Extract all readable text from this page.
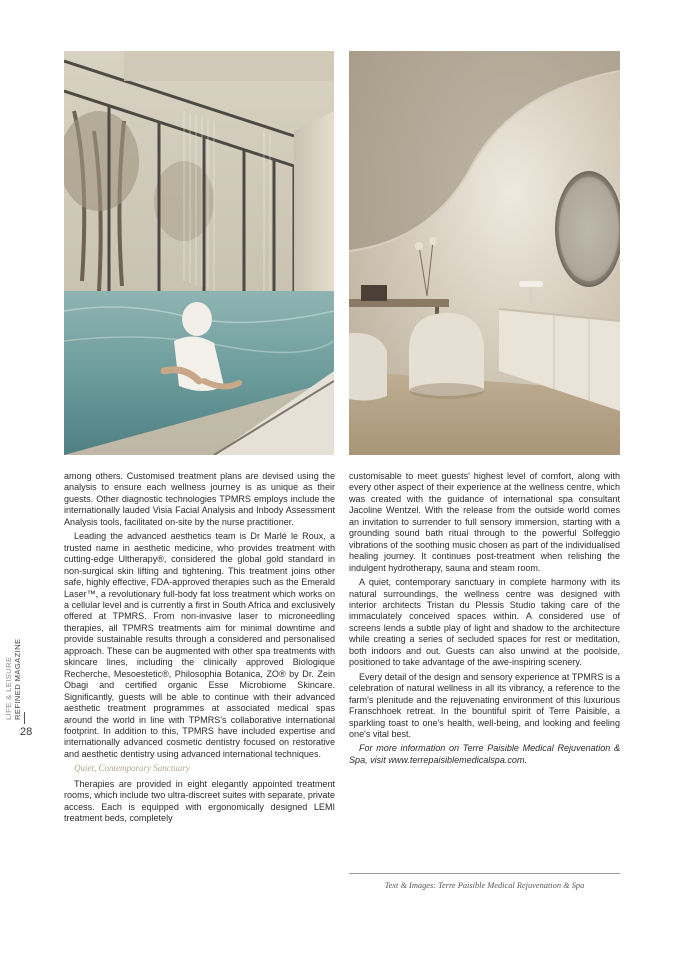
LIFE & LEISURE REFINED MAGAZINE
28

among others. Customised treatment plans are devised using the analysis to ensure each wellness journey is as unique as their guests. Other diagnostic technologies TPMRS employs include the internationally lauded Visia Facial Analysis and Inbody Assessment Analysis tools, facilitated on-site by the nurse practitioner.

Leading the advanced aesthetics team is Dr Marlé le Roux, a trusted name in aesthetic medicine, who provides treatment with cutting-edge Ultherapy®, considered the global gold standard in non-surgical skin lifting and tightening. This treatment joins other safe, highly effective, FDA-approved therapies such as the Emerald Laser™, a revolutionary full-body fat loss treatment which works on a cellular level and is currently a first in South Africa and exclusively offered at TPMRS. From non-invasive laser to microneedling therapies, all TPMRS treatments aim for minimal downtime and provide sustainable results through a considered and personalised approach. These can be augmented with other spa treatments with skincare lines, including the clinically approved Biologique Recherche, Mesoestetic®, Philosophia Botanica, ZO® by Dr. Zein Obagi and certified organic Esse Microbiome Skincare. Significantly, guests will be able to continue with their advanced aesthetic treatment programmes at associated medical spas around the world in line with TPMRS's collaborative international footprint. In addition to this, TPMRS have included expertise and internationally advanced cosmetic dentistry focused on restorative and aesthetic dentistry using advanced international techniques.

Quiet, Contemporary Sanctuary

Therapies are provided in eight elegantly appointed treatment rooms, which include two ultra-discreet suites with separate, private access. Each is equipped with ergonomically designed LEMI treatment beds, completely

customisable to meet guests' highest level of comfort, along with every other aspect of their experience at the wellness centre, which was created with the guidance of international spa consultant Jacoline Wentzel. With the release from the outside world comes an invitation to surrender to full sensory immersion, starting with a grounding sound bath ritual through to the powerful Solfeggio vibrations of the soothing music chosen as part of the individualised healing journey. It continues post-treatment when relishing the indulgent hydrotherapy, sauna and steam room.

A quiet, contemporary sanctuary in complete harmony with its natural surroundings, the wellness centre was designed with interior architects Tristan du Plessis Studio taking care of the immaculately conceived spaces within. A considered use of screens lends a subtle play of light and shadow to the architecture while creating a series of secluded spaces for rest or meditation, both indoors and out. Guests can also unwind at the poolside, positioned to take advantage of the awe-inspiring scenery.

Every detail of the design and sensory experience at TPMRS is a celebration of natural wellness in all its vibrancy, a reference to the farm's plenitude and the rejuvenating environment of this luxurious Franschhoek retreat. In the bountiful spirit of Terre Paisible, a sparkling toast to one's health, well-being, and looking and feeling one's vital best.

For more information on Terre Paisible Medical Rejuvenation & Spa, visit www.terrepaisiblemedicalspa.com.

Text & Images: Terre Paisible Medical Rejuvenation & Spa
